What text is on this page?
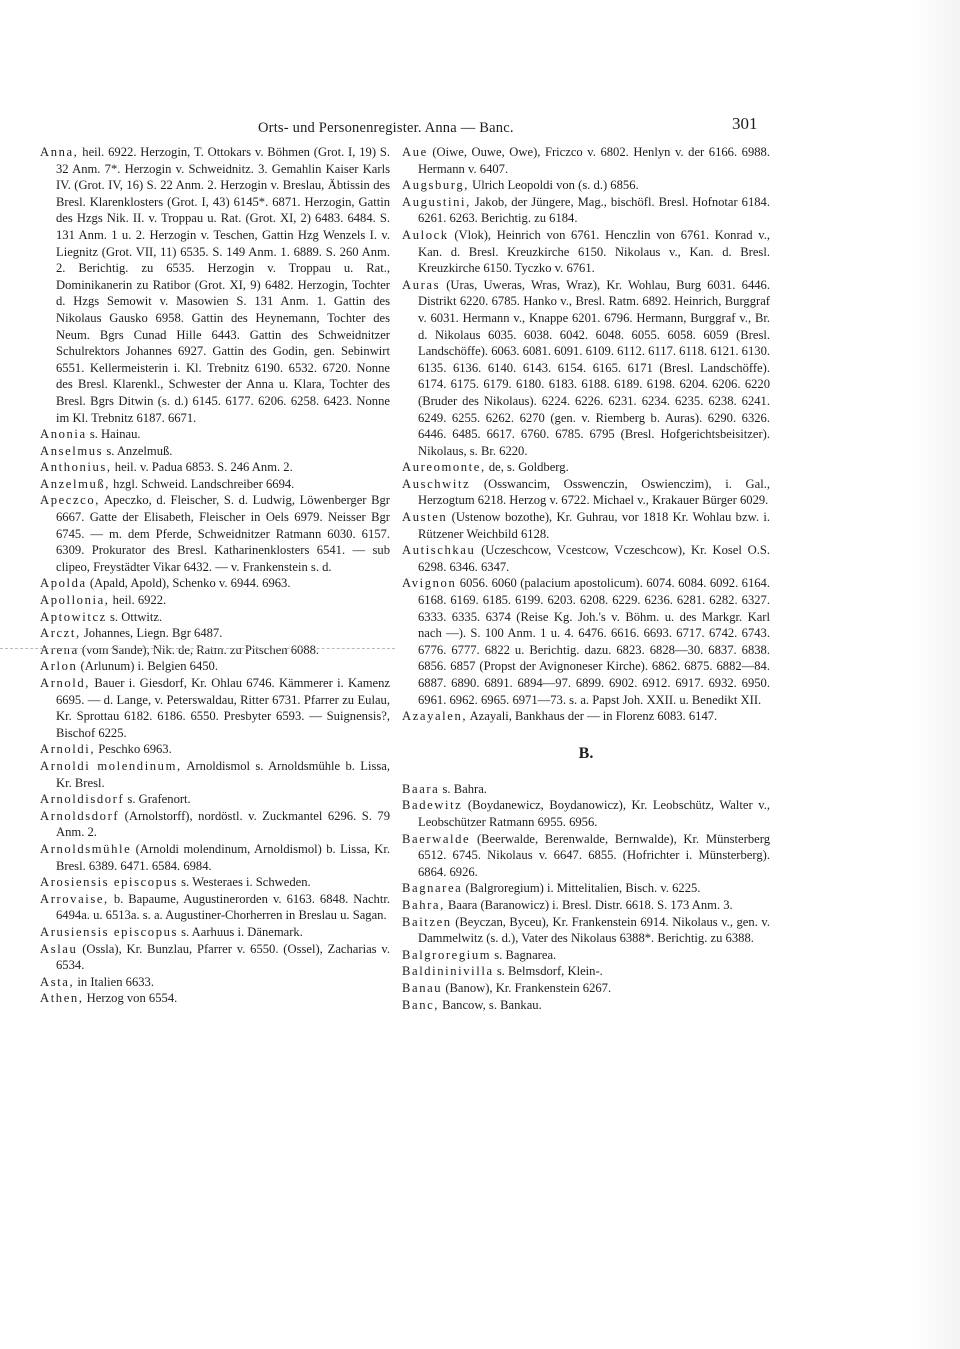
Orts- und Personenregister. Anna — Banc.	301

Anna, heil. 6922. Herzogin, T. Ottokars v. Böhmen (Grot. I, 19) S. 32 Anm. 7*. Herzogin v. Schweidnitz. 3. Gemahlin Kaiser Karls IV. (Grot. IV, 16) S. 22 Anm. 2. Herzogin v. Breslau, Äbtissin des Bresl. Klarenklosters (Grot. I, 43) 6145*. 6871. Herzogin, Gattin des Hzgs Nik. II. v. Troppau u. Rat. (Grot. XI, 2) 6483. 6484. S. 131 Anm. 1 u. 2. Herzogin v. Teschen, Gattin Hzg Wenzels I. v. Liegnitz (Grot. VII, 11) 6535. S. 149 Anm. 1. 6889. S. 260 Anm. 2. Berichtig. zu 6535. Herzogin v. Troppau u. Rat., Dominikanerin zu Ratibor (Grot. XI, 9) 6482. Herzogin, Tochter d. Hzgs Semowit v. Masowien S. 131 Anm. 1. Gattin des Nikolaus Gausko 6958. Gattin des Heynemann, Tochter des Neum. Bgrs Cunad Hille 6443. Gattin des Schweidnitzer Schulrektors Johannes 6927. Gattin des Godin, gen. Sebinwirt 6551. Kellermeisterin i. Kl. Trebnitz 6190. 6532. 6720. Nonne des Bresl. Klarenkl., Schwester der Anna u. Klara, Tochter des Bresl. Bgrs Ditwin (s. d.) 6145. 6177. 6206. 6258. 6423. Nonne im Kl. Trebnitz 6187. 6671.

Anonia s. Hainau.

Anselmus s. Anzelmuß.

Anthonius, heil. v. Padua 6853. S. 246 Anm. 2.

Anzelmuß, hzgl. Schweid. Landschreiber 6694.

Apeczco, Apeczko, d. Fleischer, S. d. Ludwig, Löwenberger Bgr 6667. Gatte der Elisabeth, Fleischer in Oels 6979. Neisser Bgr 6745. — m. dem Pferde, Schweidnitzer Ratmann 6030. 6157. 6309. Prokurator des Bresl. Katharinenklosters 6541. — sub clipeo, Freystädter Vikar 6432. — v. Frankenstein s. d.

Apolda (Apald, Apold), Schenko v. 6944. 6963.

Apollonia, heil. 6922.

Aptowitcz s. Ottwitz.

Arczt, Johannes, Liegn. Bgr 6487.

Arena (vom Sande), Nik. de, Ratm. zu Pitschen 6088.

Arlon (Arlunum) i. Belgien 6450.

Arnold, Bauer i. Giesdorf, Kr. Ohlau 6746. Kämmerer i. Kamenz 6695. — d. Lange, v. Peterswaldau, Ritter 6731. Pfarrer zu Eulau, Kr. Sprottau 6182. 6186. 6550. Presbyter 6593. — Suignensis?, Bischof 6225.

Arnoldi, Peschko 6963.

Arnoldi molendinum, Arnoldismol s. Arnoldsmühle b. Lissa, Kr. Bresl.

Arnoldisdorf s. Grafenort.

Arnoldsdorf (Arnolstorff), nordöstl. v. Zuckmantel 6296. S. 79 Anm. 2.

Arnoldsmühle (Arnoldi molendinum, Arnoldismol) b. Lissa, Kr. Bresl. 6389. 6471. 6584. 6984.

Arosiensis episcopus s. Westeraes i. Schweden.

Arrovaise, b. Bapaume, Augustinerorden v. 6163. 6848. Nachtr. 6494a. u. 6513a. s. a. Augustiner-Chorherren in Breslau u. Sagan.

Arusiensis episcopus s. Aarhuus i. Dänemark.

Aslau (Ossla), Kr. Bunzlau, Pfarrer v. 6550. (Ossel), Zacharias v. 6534.

Asta, in Italien 6633.

Athen, Herzog von 6554.

Aue (Oiwe, Ouwe, Owe), Friczco v. 6802. Henlyn v. der 6166. 6988. Hermann v. 6407.

Augsburg, Ulrich Leopoldi von (s. d.) 6856.

Augustini, Jakob, der Jüngere, Mag., bischöfl. Bresl. Hofnotar 6184. 6261. 6263. Berichtig. zu 6184.

Aulock (Vlok), Heinrich von 6761. Henczlin von 6761. Konrad v., Kan. d. Bresl. Kreuzkirche 6150. Nikolaus v., Kan. d. Bresl. Kreuzkirche 6150. Tyczko v. 6761.

Auras (Uras, Uweras, Wras, Wraz), Kr. Wohlau, Burg 6031. 6446. Distrikt 6220. 6785. Hanko v., Bresl. Ratm. 6892. Heinrich, Burggraf v. 6031. Hermann v., Knappe 6201. 6796. Hermann, Burggraf v., Br. d. Nikolaus 6035. 6038. 6042. 6048. 6055. 6058. 6059 (Bresl. Landschöffe). 6063. 6081. 6091. 6109. 6112. 6117. 6118. 6121. 6130. 6135. 6136. 6140. 6143. 6154. 6165. 6171 (Bresl. Landschöffe). 6174. 6175. 6179. 6180. 6183. 6188. 6189. 6198. 6204. 6206. 6220 (Bruder des Nikolaus). 6224. 6226. 6231. 6234. 6235. 6238. 6241. 6249. 6255. 6262. 6270 (gen. v. Riemberg b. Auras). 6290. 6326. 6446. 6485. 6617. 6760. 6785. 6795 (Bresl. Hofgerichtsbeisitzer). Nikolaus, s. Br. 6220.

Aureomonte, de, s. Goldberg.

Auschwitz (Osswancim, Osswenczin, Oswienczim), i. Gal., Herzogtum 6218. Herzog v. 6722. Michael v., Krakauer Bürger 6029.

Austen (Ustenow bozothe), Kr. Guhrau, vor 1818 Kr. Wohlau bzw. i. Rützener Weichbild 6128.

Autischkau (Uczeschcow, Vcestcow, Vczeschcow), Kr. Kosel O.S. 6298. 6346. 6347.

Avignon 6056. 6060 (palacium apostolicum). 6074. 6084. 6092. 6164. 6168. 6169. 6185. 6199. 6203. 6208. 6229. 6236. 6281. 6282. 6327. 6333. 6335. 6374 (Reise Kg. Joh.'s v. Böhm. u. des Markgr. Karl nach —). S. 100 Anm. 1 u. 4. 6476. 6616. 6693. 6717. 6742. 6743. 6776. 6777. 6822 u. Berichtig. dazu. 6823. 6828—30. 6837. 6838. 6856. 6857 (Propst der Avignoneser Kirche). 6862. 6875. 6882—84. 6887. 6890. 6891. 6894—97. 6899. 6902. 6912. 6917. 6932. 6950. 6961. 6962. 6965. 6971—73. s. a. Papst Joh. XXII. u. Benedikt XII.

Azayalen, Azayali, Bankhaus der — in Florenz 6083. 6147.

B.

Baara s. Bahra.

Badewitz (Boydanewicz, Boydanowicz), Kr. Leobschütz, Walter v., Leobschützer Ratmann 6955. 6956.

Baerwalde (Beerwalde, Berenwalde, Bernwalde), Kr. Münsterberg 6512. 6745. Nikolaus v. 6647. 6855. (Hofrichter i. Münsterberg). 6864. 6926.

Bagnarea (Balgroregium) i. Mittelitalien, Bisch. v. 6225.

Bahra, Baara (Baranowicz) i. Bresl. Distr. 6618. S. 173 Anm. 3.

Baitzen (Beyczan, Byceu), Kr. Frankenstein 6914. Nikolaus v., gen. v. Dammelwitz (s. d.), Vater des Nikolaus 6388*. Berichtig. zu 6388.

Balgroregium s. Bagnarea.

Baldininivilla s. Belmsdorf, Klein-.

Banau (Banow), Kr. Frankenstein 6267.

Banc, Bancow, s. Bankau.
